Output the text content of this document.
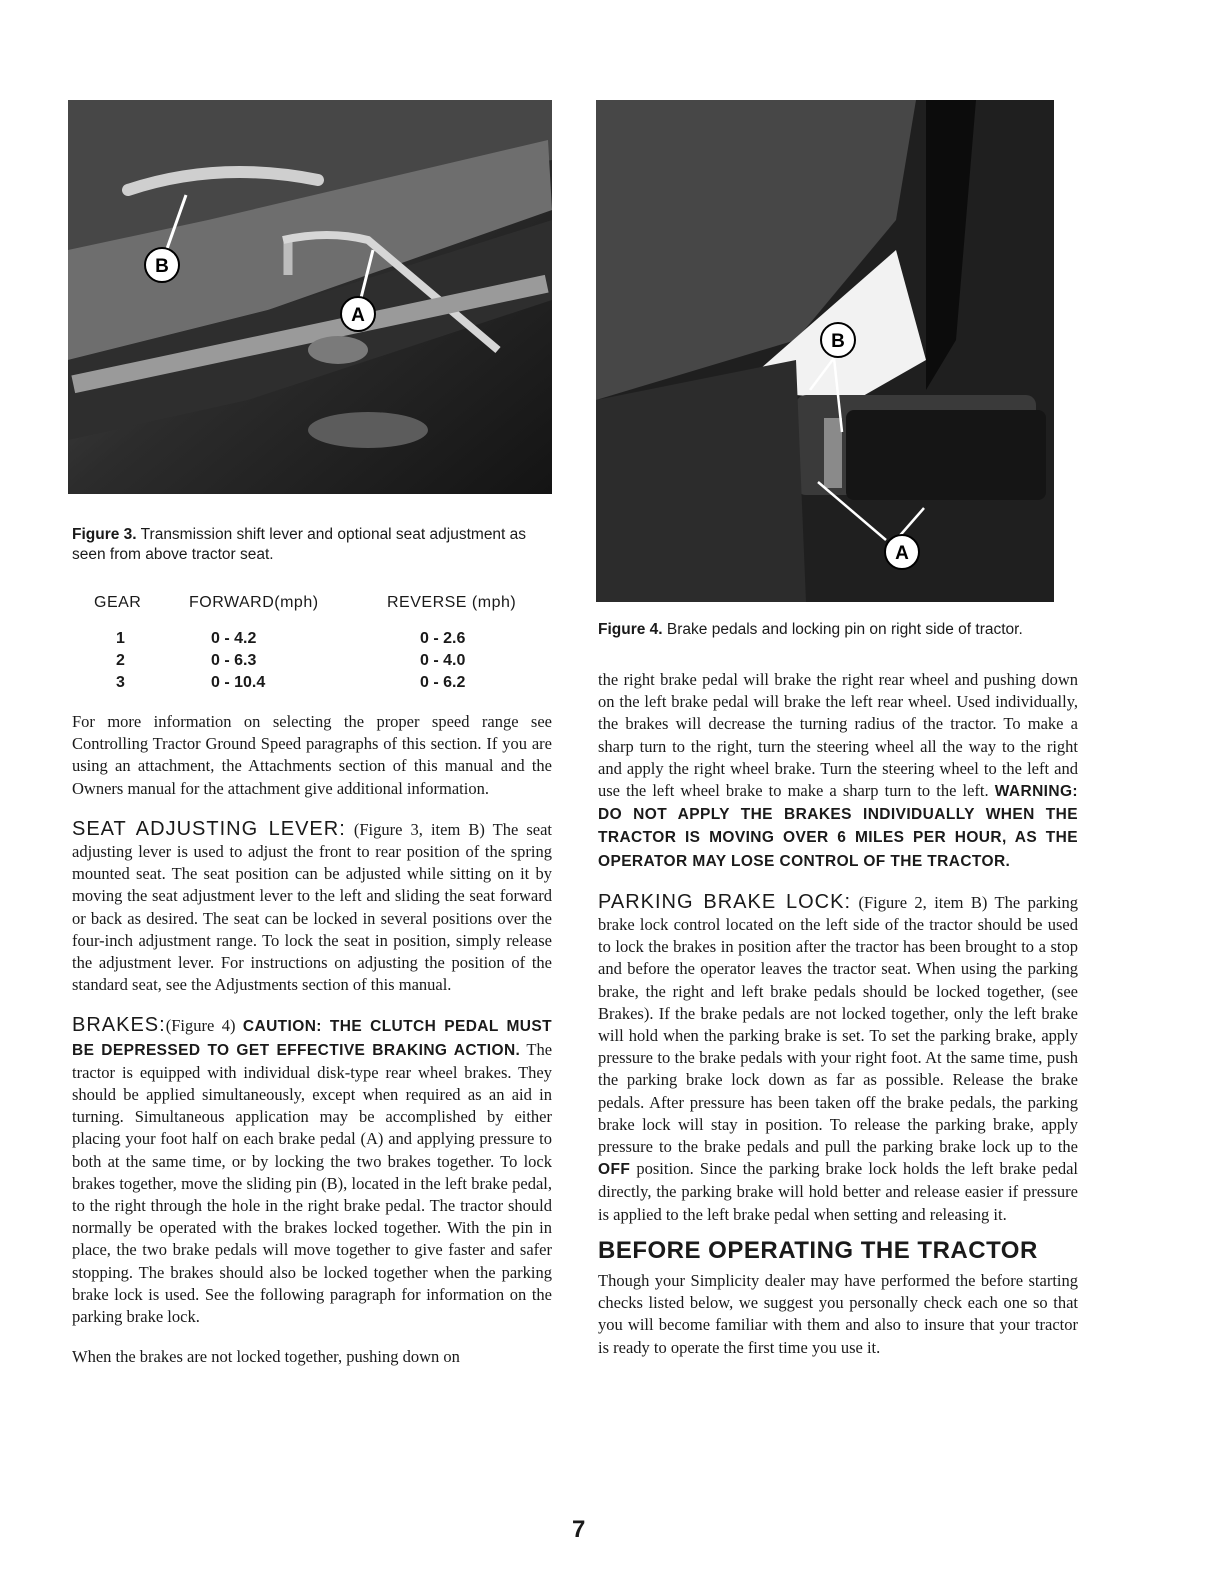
B
A
Figure 3. Transmission shift lever and optional seat adjustment as seen from above tractor seat.
GEAR	FORWARD(mph)	REVERSE (mph)
1	0 - 4.2	0 - 2.6
2	0 - 6.3	0 - 4.0
3	0 - 10.4	0 - 6.2

For more information on selecting the proper speed range see Controlling Tractor Ground Speed paragraphs of this section. If you are using an attachment, the Attachments section of this manual and the Owners manual for the attachment give additional information.

SEAT ADJUSTING LEVER: (Figure 3, item B) The seat adjusting lever is used to adjust the front to rear position of the spring mounted seat. The seat position can be adjusted while sitting on it by moving the seat adjustment lever to the left and sliding the seat forward or back as desired. The seat can be locked in several positions over the four-inch adjustment range. To lock the seat in position, simply release the adjustment lever. For instructions on adjusting the position of the standard seat, see the Adjustments section of this manual.

BRAKES:(Figure 4) CAUTION: THE CLUTCH PEDAL MUST BE DEPRESSED TO GET EFFECTIVE BRAKING ACTION. The tractor is equipped with individual disk-type rear wheel brakes. They should be applied simultaneously, except when required as an aid in turning. Simultaneous application may be accomplished by either placing your foot half on each brake pedal (A) and applying pressure to both at the same time, or by locking the two brakes together. To lock brakes together, move the sliding pin (B), located in the left brake pedal, to the right through the hole in the right brake pedal. The tractor should normally be operated with the brakes locked together. With the pin in place, the two brake pedals will move together to give faster and safer stopping. The brakes should also be locked together when the parking brake lock is used. See the following paragraph for information on the parking brake lock.

When the brakes are not locked together, pushing down on

B
A
Figure 4. Brake pedals and locking pin on right side of tractor.

the right brake pedal will brake the right rear wheel and pushing down on the left brake pedal will brake the left rear wheel. Used individually, the brakes will decrease the turning radius of the tractor. To make a sharp turn to the right, turn the steering wheel all the way to the right and apply the right wheel brake. Turn the steering wheel to the left and use the left wheel brake to make a sharp turn to the left. WARNING: DO NOT APPLY THE BRAKES INDIVIDUALLY WHEN THE TRACTOR IS MOVING OVER 6 MILES PER HOUR, AS THE OPERATOR MAY LOSE CONTROL OF THE TRACTOR.

PARKING BRAKE LOCK: (Figure 2, item B) The parking brake lock control located on the left side of the tractor should be used to lock the brakes in position after the tractor has been brought to a stop and before the operator leaves the tractor seat. When using the parking brake, the right and left brake pedals should be locked together, (see Brakes). If the brake pedals are not locked together, only the left brake will hold when the parking brake is set. To set the parking brake, apply pressure to the brake pedals with your right foot. At the same time, push the parking brake lock down as far as possible. Release the brake pedals. After pressure has been taken off the brake pedals, the parking brake lock will stay in position. To release the parking brake, apply pressure to the brake pedals and pull the parking brake lock up to the OFF position. Since the parking brake lock holds the left brake pedal directly, the parking brake will hold better and release easier if pressure is applied to the left brake pedal when setting and releasing it.

BEFORE OPERATING THE TRACTOR

Though your Simplicity dealer may have performed the before starting checks listed below, we suggest you personally check each one so that you will become familiar with them and also to insure that your tractor is ready to operate the first time you use it.

7
